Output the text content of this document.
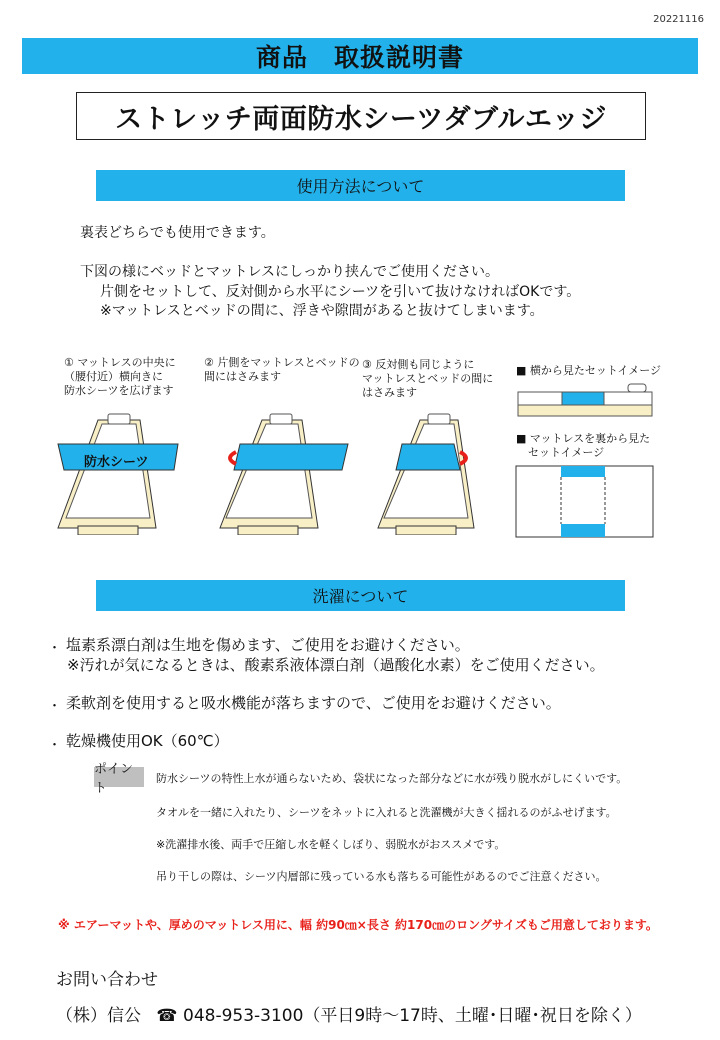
20221116
商品　取扱説明書
ストレッチ両面防水シーツダブルエッジ
使用方法について
裏表どちらでも使用できます。
下図の様にベッドとマットレスにしっかり挟んでご使用ください。
片側をセットして、反対側から水平にシーツを引いて抜けなければOKです。
※マットレスとベッドの間に、浮きや隙間があると抜けてしまいます。
① マットレスの中央に
（腰付近）横向きに
防水シーツを広げます
② 片側をマットレスとベッドの
間にはさみます
③ 反対側も同じように
マットレスとベッドの間に
はさみます
防水シーツ
■ 横から見たセットイメージ
■ マットレスを裏から見た
セットイメージ
洗濯について
・ 塩素系漂白剤は生地を傷めます、ご使用をお避けください。
※汚れが気になるときは、酸素系液体漂白剤（過酸化水素）をご使用ください。
・ 柔軟剤を使用すると吸水機能が落ちますので、ご使用をお避けください。
・ 乾燥機使用OK（60℃）
ポイント
防水シーツの特性上水が通らないため、袋状になった部分などに水が残り脱水がしにくいです。
タオルを一緒に入れたり、シーツをネットに入れると洗濯機が大きく揺れるのがふせげます。
※洗濯排水後、両手で圧縮し水を軽くしぼり、弱脱水がおススメです。
吊り干しの際は、シーツ内層部に残っている水も落ちる可能性があるのでご注意ください。
※ エアーマットや、厚めのマットレス用に、幅 約90㎝×長さ 約170㎝のロングサイズもご用意しております。
お問い合わせ
（株）信公 ☎ 048-953-3100（平日9時～17時、土曜･日曜･祝日を除く）
